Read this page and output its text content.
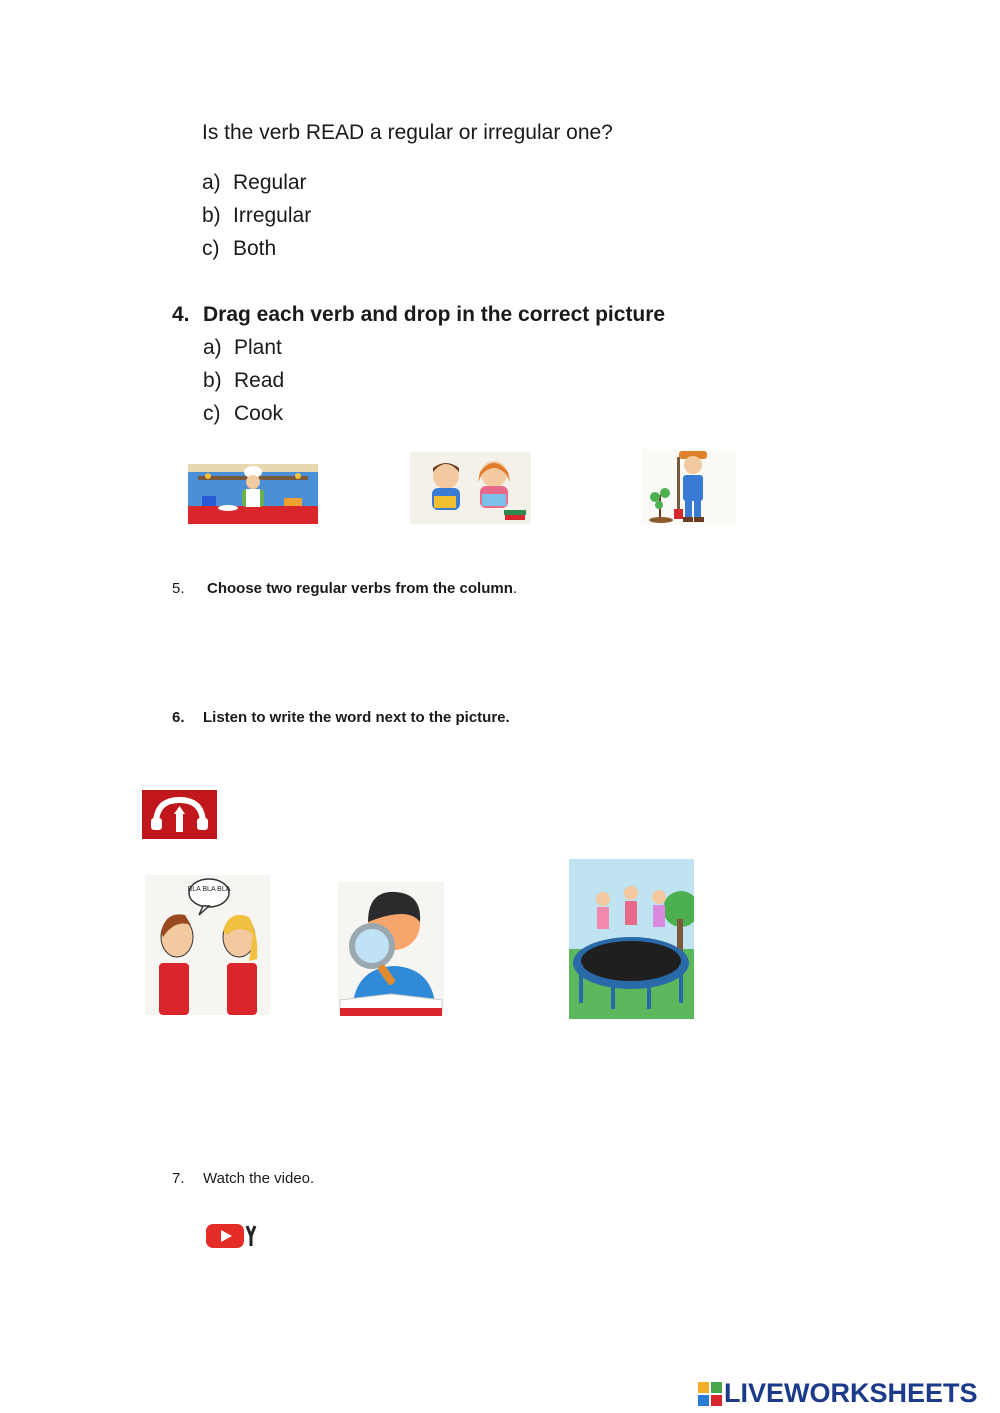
Is the verb READ a regular or irregular one?
a) Regular
b) Irregular
c) Both
4. Drag each verb and drop in the correct picture
a) Plant
b) Read
c) Cook
5.	Choose two regular verbs from the column .
6.	Listen to write the word next to the picture.
BLA BLA BLA
7.	Watch the video.
LIVEWORKSHEETS
